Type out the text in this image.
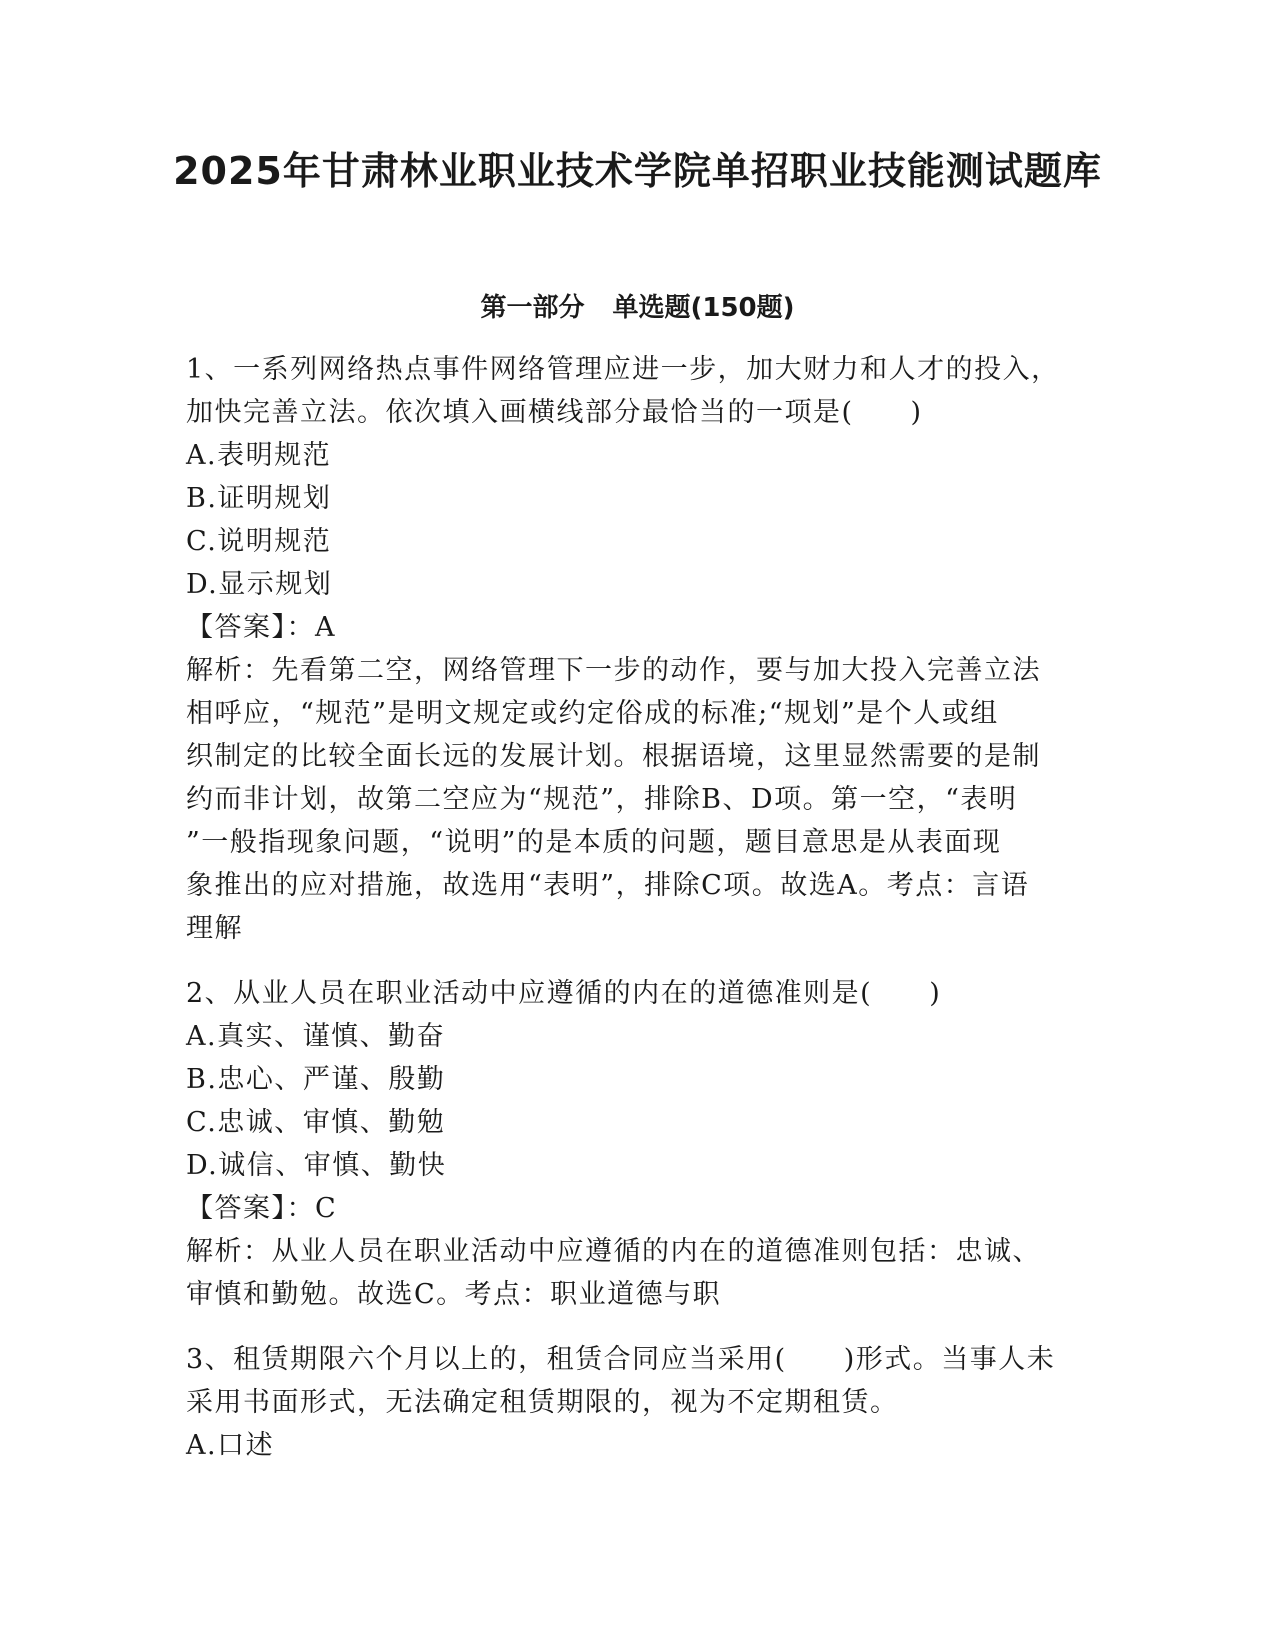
2025年甘肃林业职业技术学院单招职业技能测试题库
第一部分 单选题(150题)
1、一系列网络热点事件网络管理应进一步，加大财力和人才的投入，
加快完善立法。依次填入画横线部分最恰当的一项是(　　)
A.表明规范
B.证明规划
C.说明规范
D.显示规划
【答案】：A
解析：先看第二空，网络管理下一步的动作，要与加大投入完善立法
相呼应，“规范”是明文规定或约定俗成的标准;“规划”是个人或组
织制定的比较全面长远的发展计划。根据语境，这里显然需要的是制
约而非计划，故第二空应为“规范”，排除B、D项。第一空，“表明
”一般指现象问题，“说明”的是本质的问题，题目意思是从表面现
象推出的应对措施，故选用“表明”，排除C项。故选A。考点：言语
理解
2、从业人员在职业活动中应遵循的内在的道德准则是(　　)
A.真实、谨慎、勤奋
B.忠心、严谨、殷勤
C.忠诚、审慎、勤勉
D.诚信、审慎、勤快
【答案】：C
解析：从业人员在职业活动中应遵循的内在的道德准则包括：忠诚、
审慎和勤勉。故选C。考点：职业道德与职
3、租赁期限六个月以上的，租赁合同应当采用(　　)形式。当事人未
采用书面形式，无法确定租赁期限的，视为不定期租赁。
A.口述
